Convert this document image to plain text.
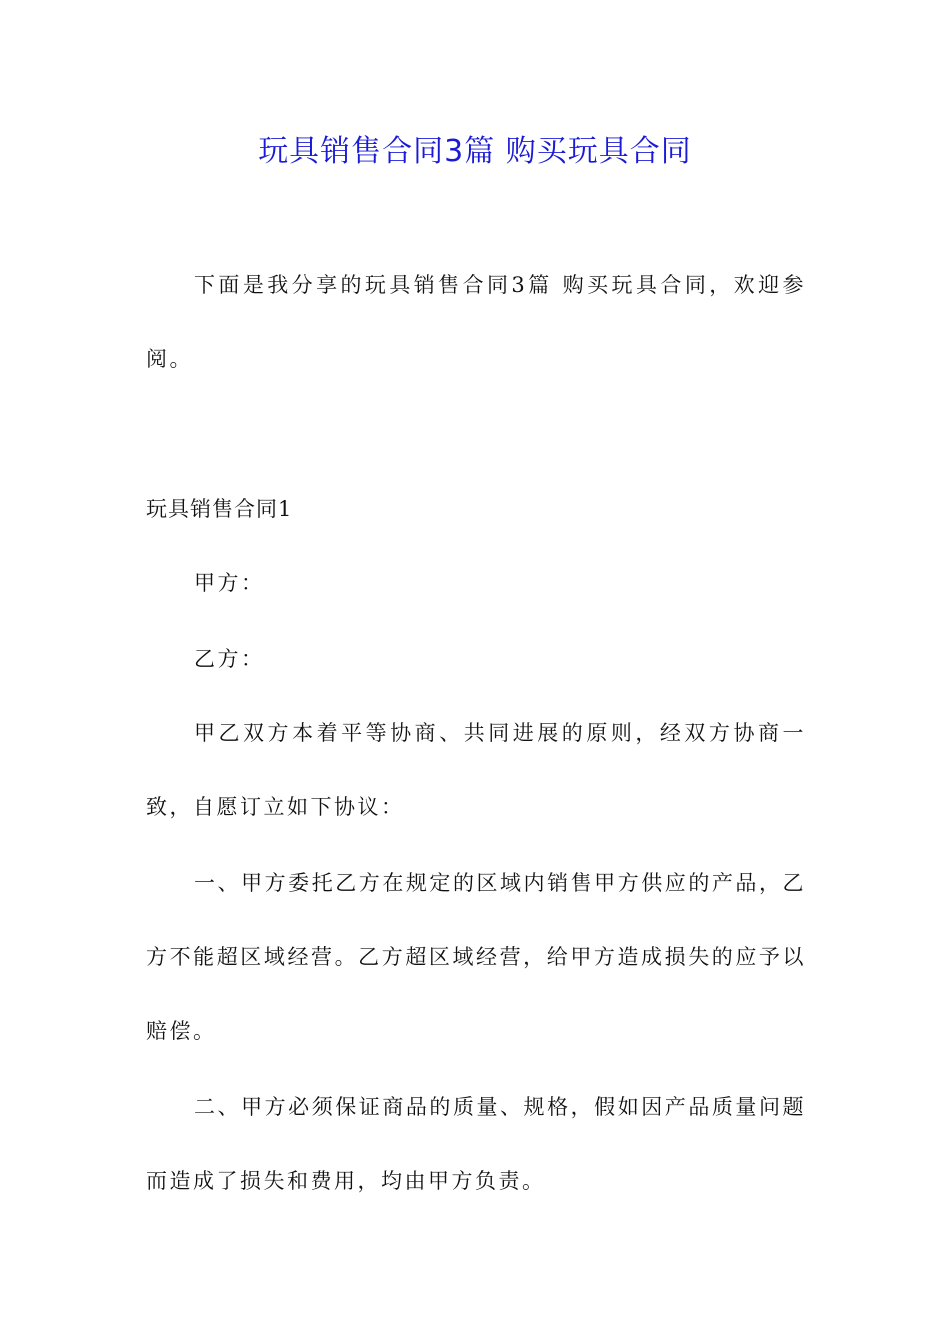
玩具销售合同3篇 购买玩具合同

下面是我分享的玩具销售合同3篇 购买玩具合同，欢迎参阅。

玩具销售合同1

甲方：

乙方：

甲乙双方本着平等协商、共同进展的原则，经双方协商一致，自愿订立如下协议：

一、甲方委托乙方在规定的区域内销售甲方供应的产品，乙方不能超区域经营。乙方超区域经营，给甲方造成损失的应予以赔偿。

二、甲方必须保证商品的质量、规格，假如因产品质量问题而造成了损失和费用，均由甲方负责。
